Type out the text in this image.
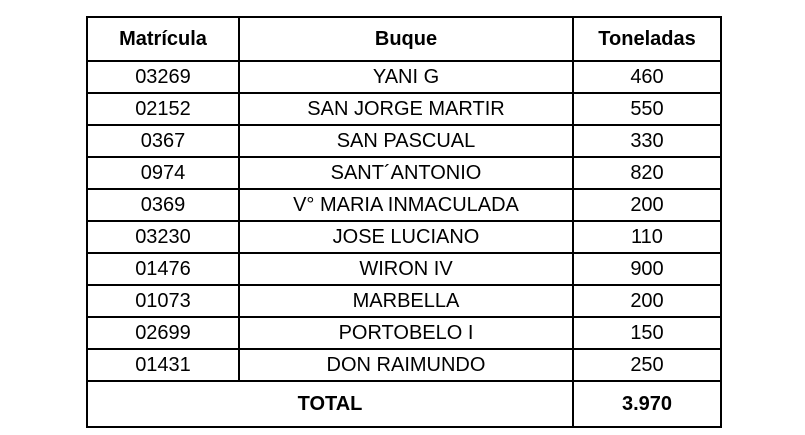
Matrícula	Buque	Toneladas
03269	YANI G	460
02152	SAN JORGE MARTIR	550
0367	SAN PASCUAL	330
0974	SANT´ANTONIO	820
0369	V° MARIA INMACULADA	200
03230	JOSE LUCIANO	110
01476	WIRON IV	900
01073	MARBELLA	200
02699	PORTOBELO I	150
01431	DON RAIMUNDO	250
TOTAL		3.970
